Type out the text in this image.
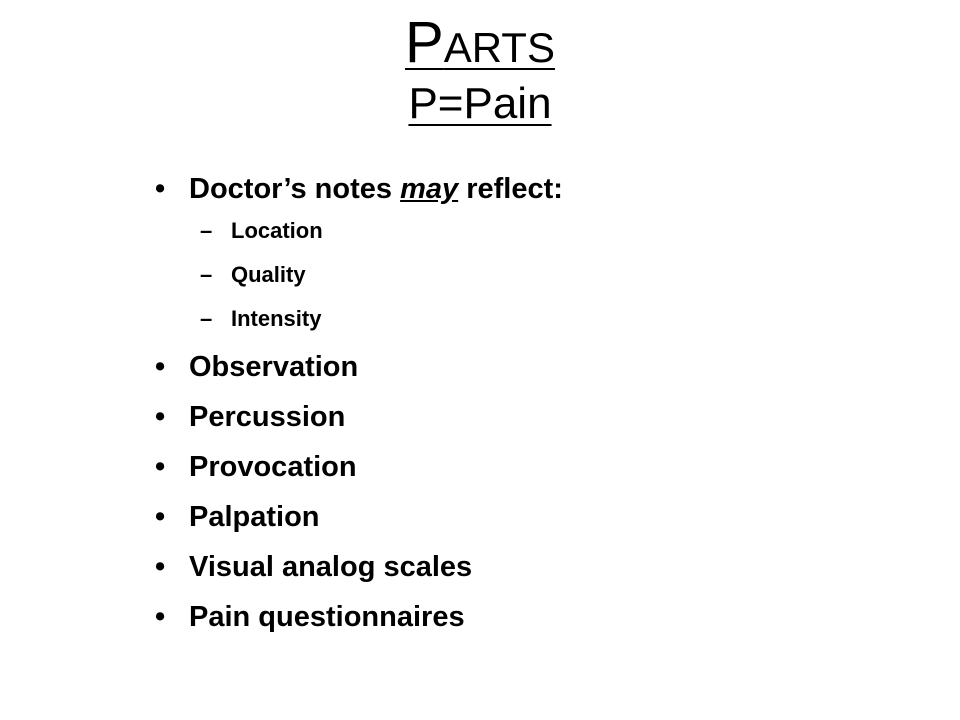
PARTS
P=Pain
• Doctor’s notes may reflect:
– Location
– Quality
– Intensity
• Observation
• Percussion
• Provocation
• Palpation
• Visual analog scales
• Pain questionnaires
